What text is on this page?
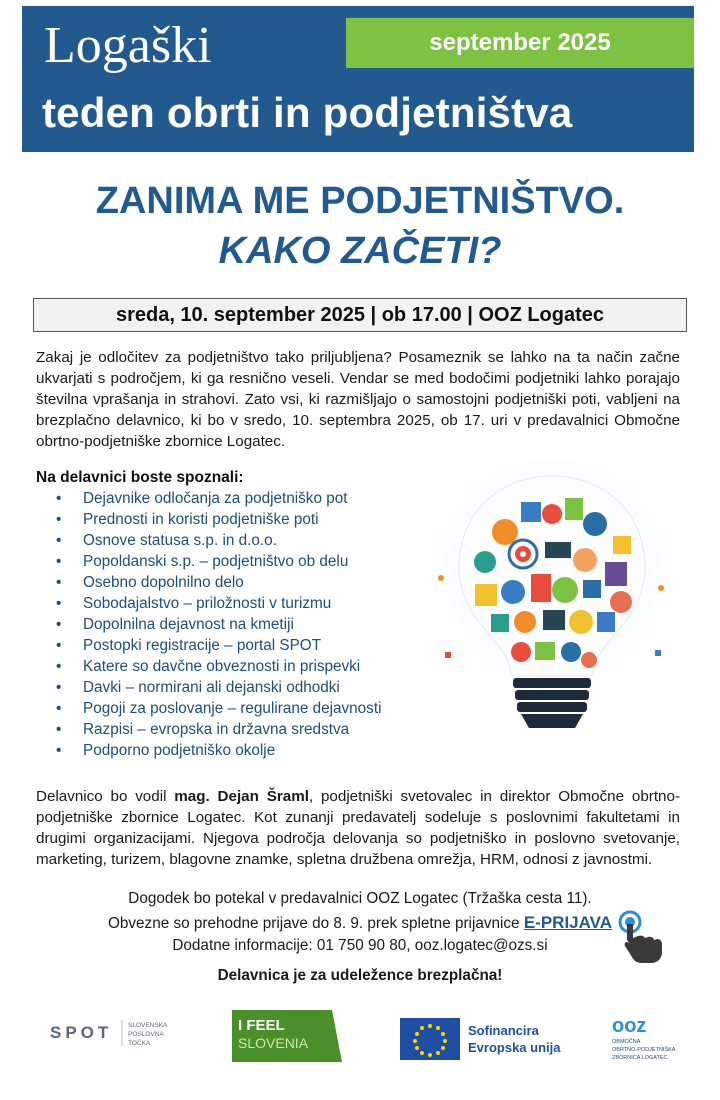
Logaški
teden obrti in podjetništva
september 2025
ZANIMA ME PODJETNIŠTVO.
KAKO ZAČETI?
sreda, 10. september 2025 | ob 17.00 | OOZ Logatec
Zakaj je odločitev za podjetništvo tako priljubljena? Posameznik se lahko na ta način začne ukvarjati s področjem, ki ga resnično veseli. Vendar se med bodočimi podjetniki lahko porajajo številna vprašanja in strahovi. Zato vsi, ki razmišljajo o samostojni podjetniški poti, vabljeni na brezplačno delavnico, ki bo v sredo, 10. septembra 2025, ob 17. uri v predavalnici Območne obrtno-podjetniške zbornice Logatec.
Na delavnici boste spoznali:
• Dejavnike odločanja za podjetniško pot
• Prednosti in koristi podjetniške poti
• Osnove statusa s.p. in d.o.o.
• Popoldanski s.p. – podjetništvo ob delu
• Osebno dopolnilno delo
• Sobodajalstvo – priložnosti v turizmu
• Dopolnilna dejavnost na kmetiji
• Postopki registracije – portal SPOT
• Katere so davčne obveznosti in prispevki
• Davki – normirani ali dejanski odhodki
• Pogoji za poslovanje – regulirane dejavnosti
• Razpisi – evropska in državna sredstva
• Podporno podjetniško okolje
Delavnico bo vodil mag. Dejan Šraml, podjetniški svetovalec in direktor Območne obrtno-podjetniške zbornice Logatec. Kot zunanji predavatelj sodeluje s poslovnimi fakultetami in drugimi organizacijami. Njegova področja delovanja so podjetniško in poslovno svetovanje, marketing, turizem, blagovne znamke, spletna družbena omrežja, HRM, odnosi z javnostmi.
Dogodek bo potekal v predavalnici OOZ Logatec (Tržaška cesta 11).
Obvezne so prehodne prijave do 8. 9. prek spletne prijavnice E-PRIJAVA
Dodatne informacije: 01 750 90 80, ooz.logatec@ozs.si
Delavnica je za udeležence brezplačna!
SPOT SLOVENSKA
POSLOVNA
TOČKA
I FEEL
SLOVENIA
Sofinancira
Evropska unija
ooz
OBMOČNA
OBRTNO-PODJETNIŠKA
ZBORNICA LOGATEC
